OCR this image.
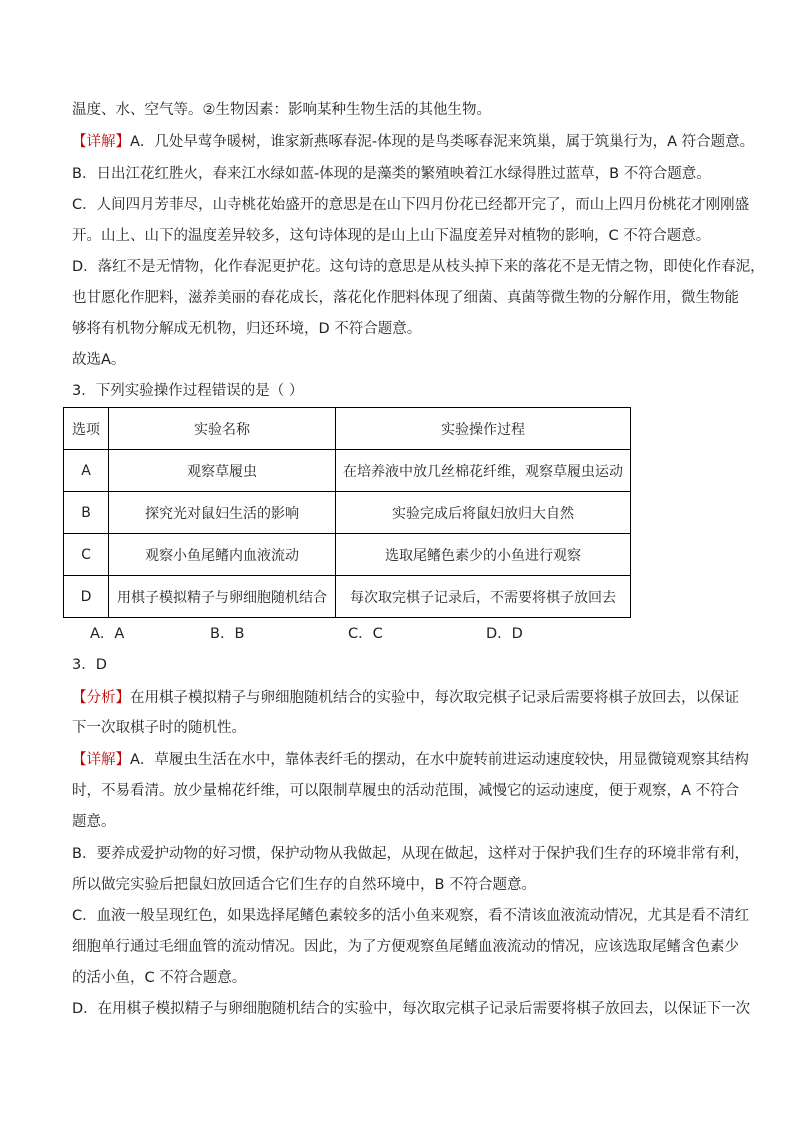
温度、水、空气等。②生物因素：影响某种生物生活的其他生物。
【详解】A．几处早莺争暖树，谁家新燕啄春泥-体现的是鸟类啄春泥来筑巢，属于筑巢行为，A 符合题意。
B．日出江花红胜火，春来江水绿如蓝-体现的是藻类的繁殖映着江水绿得胜过蓝草，B 不符合题意。
C．人间四月芳菲尽，山寺桃花始盛开的意思是在山下四月份花已经都开完了，而山上四月份桃花才刚刚盛
开。山上、山下的温度差异较多，这句诗体现的是山上山下温度差异对植物的影响，C 不符合题意。
D．落红不是无情物，化作春泥更护花。这句诗的意思是从枝头掉下来的落花不是无情之物，即使化作春泥，
也甘愿化作肥料，滋养美丽的春花成长，落花化作肥料体现了细菌、真菌等微生物的分解作用，微生物能
够将有机物分解成无机物，归还环境，D 不符合题意。
故选A。
3．下列实验操作过程错误的是（ ）
选项	实验名称	实验操作过程
A	观察草履虫	在培养液中放几丝棉花纤维，观察草履虫运动
B	探究光对鼠妇生活的影响	实验完成后将鼠妇放归大自然
C	观察小鱼尾鳍内血液流动	选取尾鳍色素少的小鱼进行观察
D	用棋子模拟精子与卵细胞随机结合	每次取完棋子记录后，不需要将棋子放回去
A．A	B．B	C．C	D．D
3．D
【分析】在用棋子模拟精子与卵细胞随机结合的实验中，每次取完棋子记录后需要将棋子放回去，以保证
下一次取棋子时的随机性。
【详解】A．草履虫生活在水中，靠体表纤毛的摆动，在水中旋转前进运动速度较快，用显微镜观察其结构
时，不易看清。放少量棉花纤维，可以限制草履虫的活动范围，减慢它的运动速度，便于观察，A 不符合
题意。
B．要养成爱护动物的好习惯，保护动物从我做起，从现在做起，这样对于保护我们生存的环境非常有利，
所以做完实验后把鼠妇放回适合它们生存的自然环境中，B 不符合题意。
C．血液一般呈现红色，如果选择尾鳍色素较多的活小鱼来观察，看不清该血液流动情况，尤其是看不清红
细胞单行通过毛细血管的流动情况。因此，为了方便观察鱼尾鳍血液流动的情况，应该选取尾鳍含色素少
的活小鱼，C 不符合题意。
D．在用棋子模拟精子与卵细胞随机结合的实验中，每次取完棋子记录后需要将棋子放回去，以保证下一次
